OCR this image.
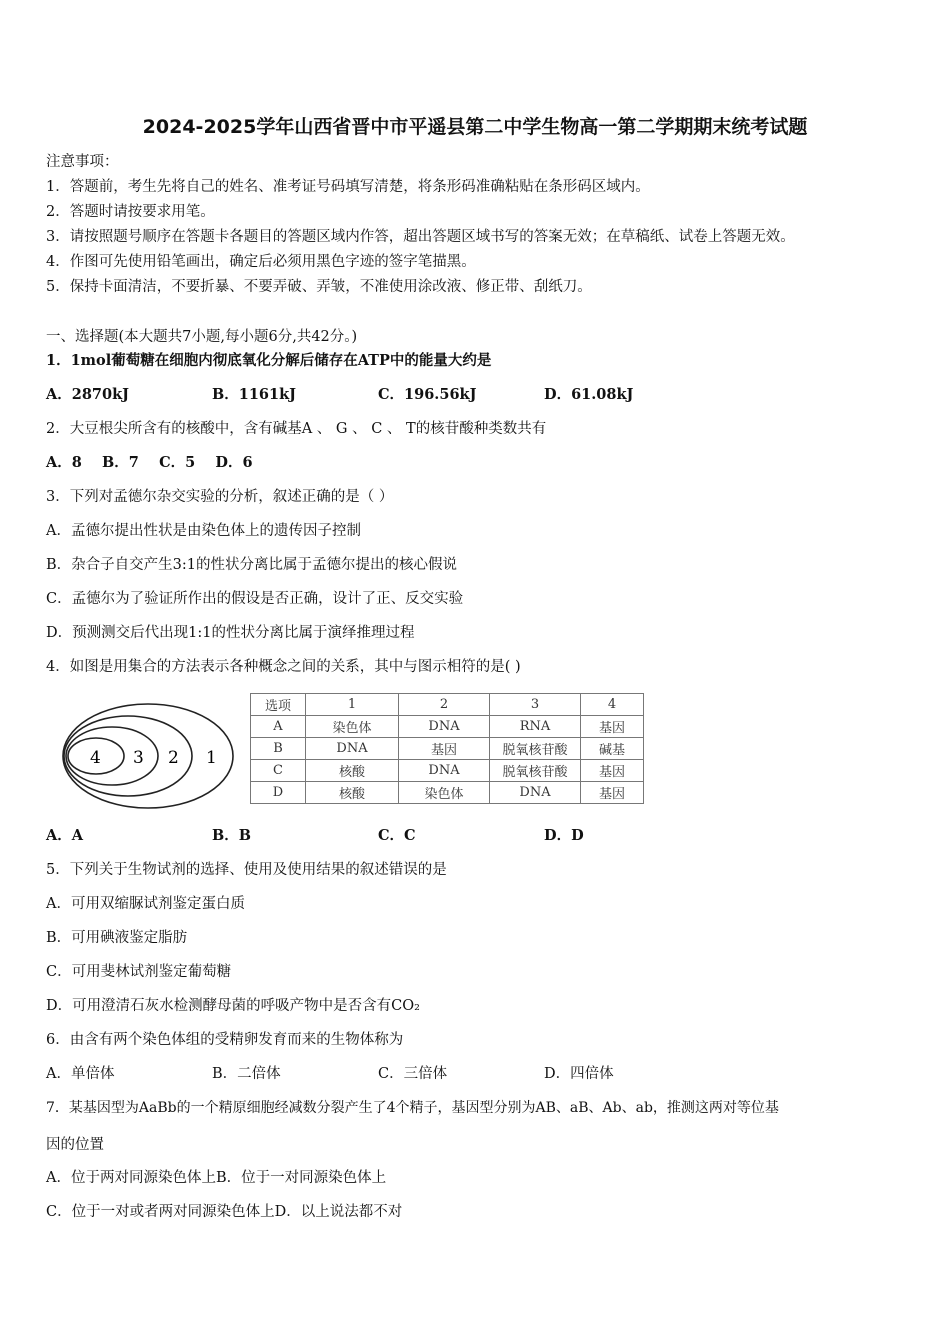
2024-2025学年山西省晋中市平遥县第二中学生物高一第二学期期末统考试题
注意事项：
1．答题前，考生先将自己的姓名、准考证号码填写清楚，将条形码准确粘贴在条形码区域内。
2．答题时请按要求用笔。
3．请按照题号顺序在答题卡各题目的答题区域内作答，超出答题区域书写的答案无效；在草稿纸、试卷上答题无效。
4．作图可先使用铅笔画出，确定后必须用黑色字迹的签字笔描黑。
5．保持卡面清洁，不要折暴、不要弄破、弄皱，不准使用涂改液、修正带、刮纸刀。
一、选择题(本大题共7小题,每小题6分,共42分。)
1．1mol葡萄糖在细胞内彻底氧化分解后储存在ATP中的能量大约是
A．2870kJ	B．1161kJ	C．196.56kJ	D．61.08kJ
2．大豆根尖所含有的核酸中，含有碱基A 、 G 、 C 、 T的核苷酸种类数共有
A．8    B．7    C．5    D．6
3．下列对孟德尔杂交实验的分析，叙述正确的是（ ）
A．孟德尔提出性状是由染色体上的遗传因子控制
B．杂合子自交产生3:1的性状分离比属于孟德尔提出的核心假说
C．孟德尔为了验证所作出的假设是否正确，设计了正、反交实验
D．预测测交后代出现1:1的性状分离比属于演绎推理过程
4．如图是用集合的方法表示各种概念之间的关系，其中与图示相符的是( )
4 3 2 1
选项	1	2	3	4
A	染色体	DNA	RNA	基因
B	DNA	基因	脱氧核苷酸	碱基
C	核酸	DNA	脱氧核苷酸	基因
D	核酸	染色体	DNA	基因
A．A	B．B	C．C	D．D
5．下列关于生物试剂的选择、使用及使用结果的叙述错误的是
A．可用双缩脲试剂鉴定蛋白质
B．可用碘液鉴定脂肪
C．可用斐林试剂鉴定葡萄糖
D．可用澄清石灰水检测酵母菌的呼吸产物中是否含有CO₂
6．由含有两个染色体组的受精卵发育而来的生物体称为
A．单倍体	B．二倍体	C．三倍体	D．四倍体
7．某基因型为AaBb的一个精原细胞经减数分裂产生了4个精子，基因型分别为AB、aB、Ab、ab，推测这两对等位基
因的位置
A．位于两对同源染色体上B．位于一对同源染色体上
C．位于一对或者两对同源染色体上D．以上说法都不对
